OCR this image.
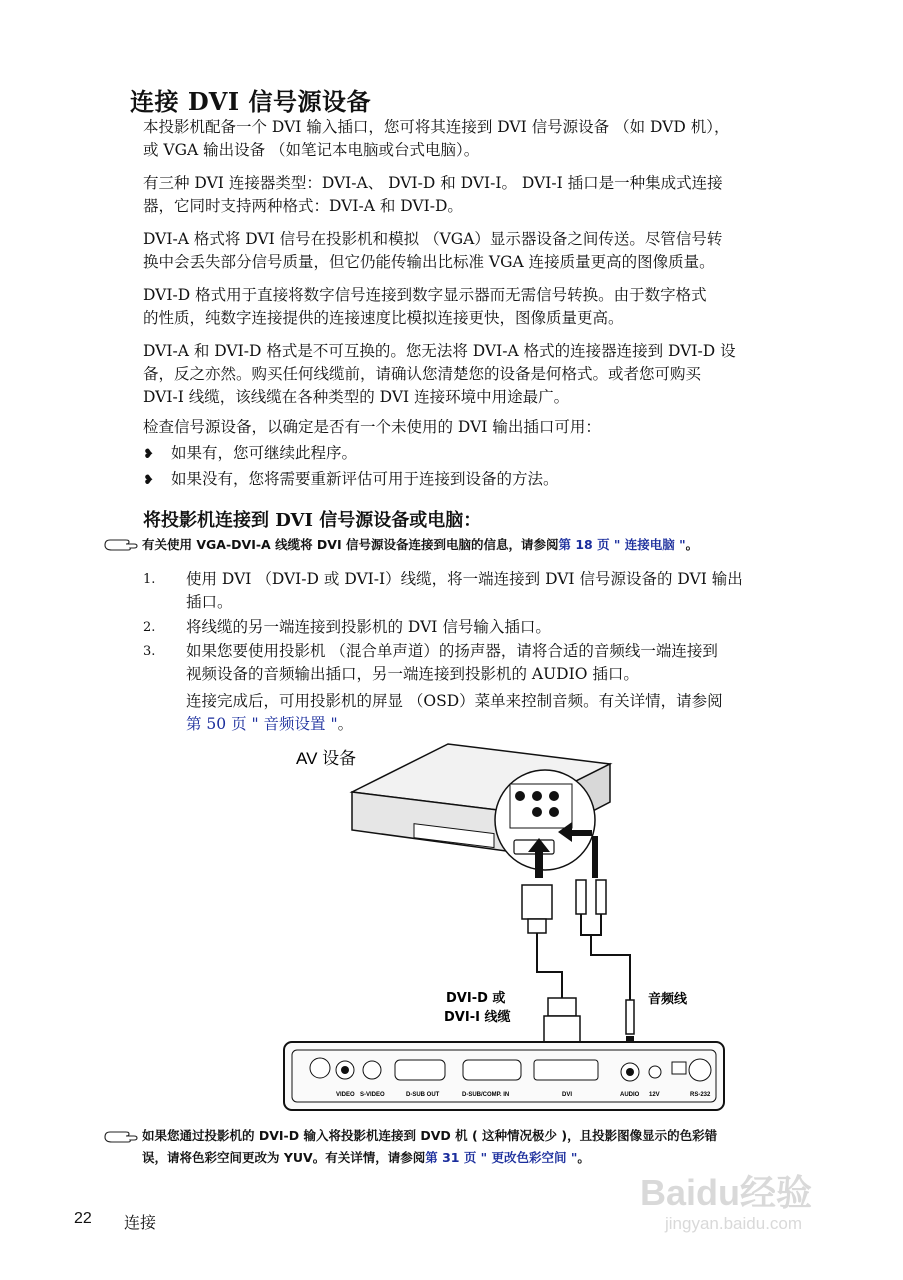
连接 DVI 信号源设备
本投影机配备一个 DVI 输入插口，您可将其连接到 DVI 信号源设备 （如 DVD 机），
或 VGA 输出设备 （如笔记本电脑或台式电脑）。
有三种 DVI 连接器类型：DVI-A、 DVI-D 和 DVI-I。 DVI-I 插口是一种集成式连接
器，它同时支持两种格式：DVI-A 和 DVI-D。
DVI-A 格式将 DVI 信号在投影机和模拟 （VGA）显示器设备之间传送。尽管信号转
换中会丢失部分信号质量，但它仍能传输出比标准 VGA 连接质量更高的图像质量。
DVI-D 格式用于直接将数字信号连接到数字显示器而无需信号转换。由于数字格式
的性质，纯数字连接提供的连接速度比模拟连接更快，图像质量更高。
DVI-A 和 DVI-D 格式是不可互换的。您无法将 DVI-A 格式的连接器连接到 DVI-D 设
备，反之亦然。购买任何线缆前，请确认您清楚您的设备是何格式。或者您可购买
DVI-I 线缆，该线缆在各种类型的 DVI 连接环境中用途最广。
检查信号源设备，以确定是否有一个未使用的 DVI 输出插口可用：
❥ 如果有，您可继续此程序。
❥ 如果没有，您将需要重新评估可用于连接到设备的方法。
将投影机连接到 DVI 信号源设备或电脑：
有关使用 VGA-DVI-A 线缆将 DVI 信号源设备连接到电脑的信息，请参阅第 18 页 " 连接电脑 "。
1. 使用 DVI （DVI-D 或 DVI-I）线缆，将一端连接到 DVI 信号源设备的 DVI 输出
插口。
2. 将线缆的另一端连接到投影机的 DVI 信号输入插口。
3. 如果您要使用投影机 （混合单声道）的扬声器，请将合适的音频线一端连接到
视频设备的音频输出插口，另一端连接到投影机的 AUDIO 插口。
连接完成后，可用投影机的屏显 （OSD）菜单来控制音频。有关详情，请参阅
第 50 页 " 音频设置 "。
VIDEO S-VIDEO	D-SUB OUT	D-SUB/COMP. IN	DVI	AUDIO 12V	RS-232
AV 设备
DVI-D 或
DVI-I 线缆
音频线
如果您通过投影机的 DVI-D 输入将投影机连接到 DVD 机 ( 这种情况极少 )，且投影图像显示的色彩错
误，请将色彩空间更改为 YUV。有关详情，请参阅第 31 页 " 更改色彩空间 "。
22 连接
Baidu经验
jingyan.baidu.com
